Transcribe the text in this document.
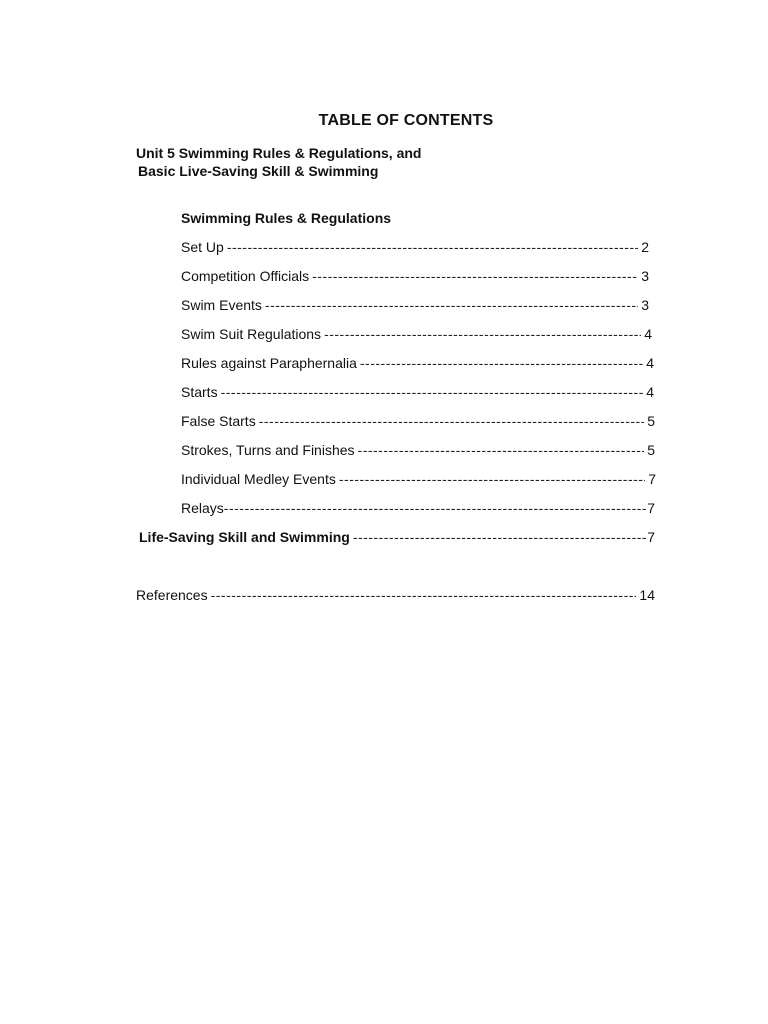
TABLE OF CONTENTS
Unit 5 Swimming Rules & Regulations, and
Basic Live-Saving Skill & Swimming
Swimming Rules & Regulations
Set Up -----	2
Competition Officials -----	3
Swim Events -----	3
Swim Suit Regulations -----	4
Rules against Paraphernalia -----	4
Starts -----	4
False Starts -----	5
Strokes, Turns and Finishes -----	5
Individual Medley Events -----	7
Relays -----	7
Life-Saving Skill and Swimming -----	7
References -----	14
